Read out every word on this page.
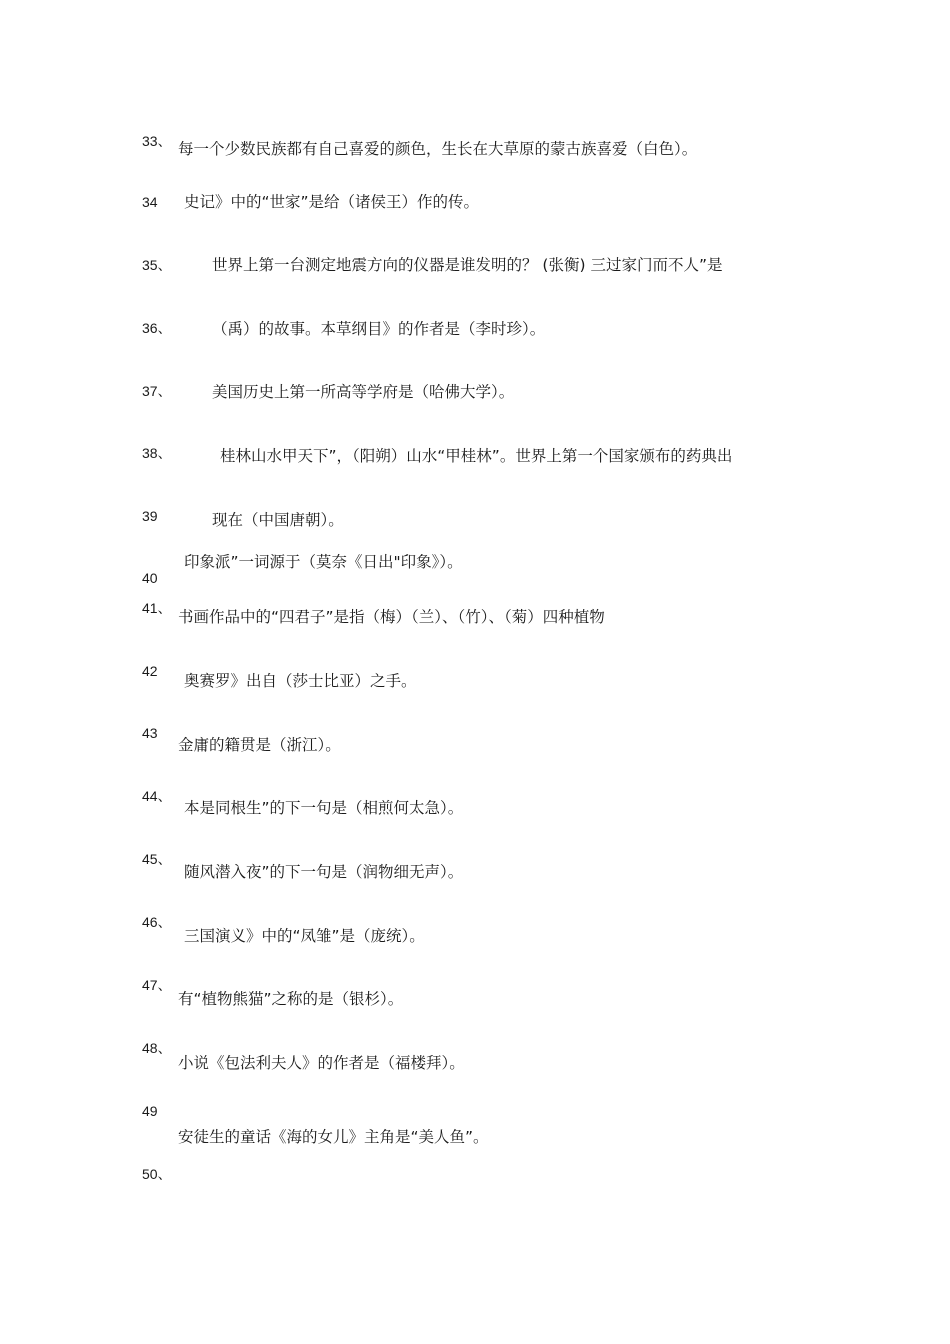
33、 每一个少数民族都有自己喜爱的颜色，生长在大草原的蒙古族喜爱（白色）。
34 史记》中的“世家”是给（诸侯王）作的传。
35、	世界上第一台测定地震方向的仪器是谁发明的？ (张衡) 三过家门而不人”是
36、	（禹）的故事。本草纲目》的作者是（李时珍）。
37、	美国历史上第一所高等学府是（哈佛大学）。
38、	桂林山水甲天下”，（阳朔）山水“甲桂林”。世界上第一个国家颁布的药典出
39	现在（中国唐朝）。
印象派”一词源于（莫奈《日出"印象》）。
40
41、 书画作品中的“四君子”是指（梅）（兰）、（竹）、（菊）四种植物
42
奥赛罗》出自（莎士比亚）之手。
43
金庸的籍贯是（浙江）。
44、
本是同根生”的下一句是（相煎何太急）。
45、
随风潜入夜”的下一句是（润物细无声）。
46、
三国演义》中的“凤雏”是（庞统）。
47、
有“植物熊猫”之称的是（银杉）。
48、
小说《包法利夫人》的作者是（福楼拜）。
49
安徒生的童话《海的女儿》主角是“美人鱼”。
50、
